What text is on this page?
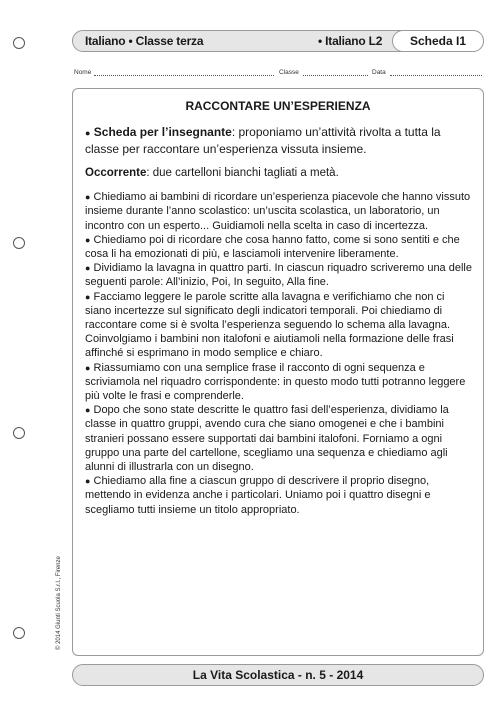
Italiano • Classe terza	• Italiano L2	Scheda I1
Nome	Classe	Data
RACCONTARE UN’ESPERIENZA

● Scheda per l’insegnante: proponiamo un’attività rivolta a tutta la classe per raccontare un’esperienza vissuta insieme.

Occorrente: due cartelloni bianchi tagliati a metà.

● Chiediamo ai bambini di ricordare un’esperienza piacevole che hanno vissuto insieme durante l’anno scolastico: un’uscita scolastica, un laboratorio, un incontro con un esperto... Guidiamoli nella scelta in caso di incertezza.

● Chiediamo poi di ricordare che cosa hanno fatto, come si sono sentiti e che cosa li ha emozionati di più, e lasciamoli intervenire liberamente.

● Dividiamo la lavagna in quattro parti. In ciascun riquadro scriveremo una delle seguenti parole: All’inizio, Poi, In seguito, Alla fine.

● Facciamo leggere le parole scritte alla lavagna e verifichiamo che non ci siano incertezze sul significato degli indicatori temporali. Poi chiediamo di raccontare come si è svolta l’esperienza seguendo lo schema alla lavagna. Coinvolgiamo i bambini non italofoni e aiutiamoli nella formazione delle frasi affinché si esprimano in modo semplice e chiaro.

● Riassumiamo con una semplice frase il racconto di ogni sequenza e scriviamola nel riquadro corrispondente: in questo modo tutti potranno leggere più volte le frasi e comprenderle.

● Dopo che sono state descritte le quattro fasi dell’esperienza, dividiamo la classe in quattro gruppi, avendo cura che siano omogenei e che i bambini stranieri possano essere supportati dai bambini italofoni. Forniamo a ogni gruppo una parte del cartellone, scegliamo una sequenza e chiediamo agli alunni di illustrarla con un disegno.

● Chiediamo alla fine a ciascun gruppo di descrivere il proprio disegno, mettendo in evidenza anche i particolari. Uniamo poi i quattro disegni e scegliamo tutti insieme un titolo appropriato.

© 2014 Giunti Scuola S.r.l., Firenze
La Vita Scolastica - n. 5 - 2014
